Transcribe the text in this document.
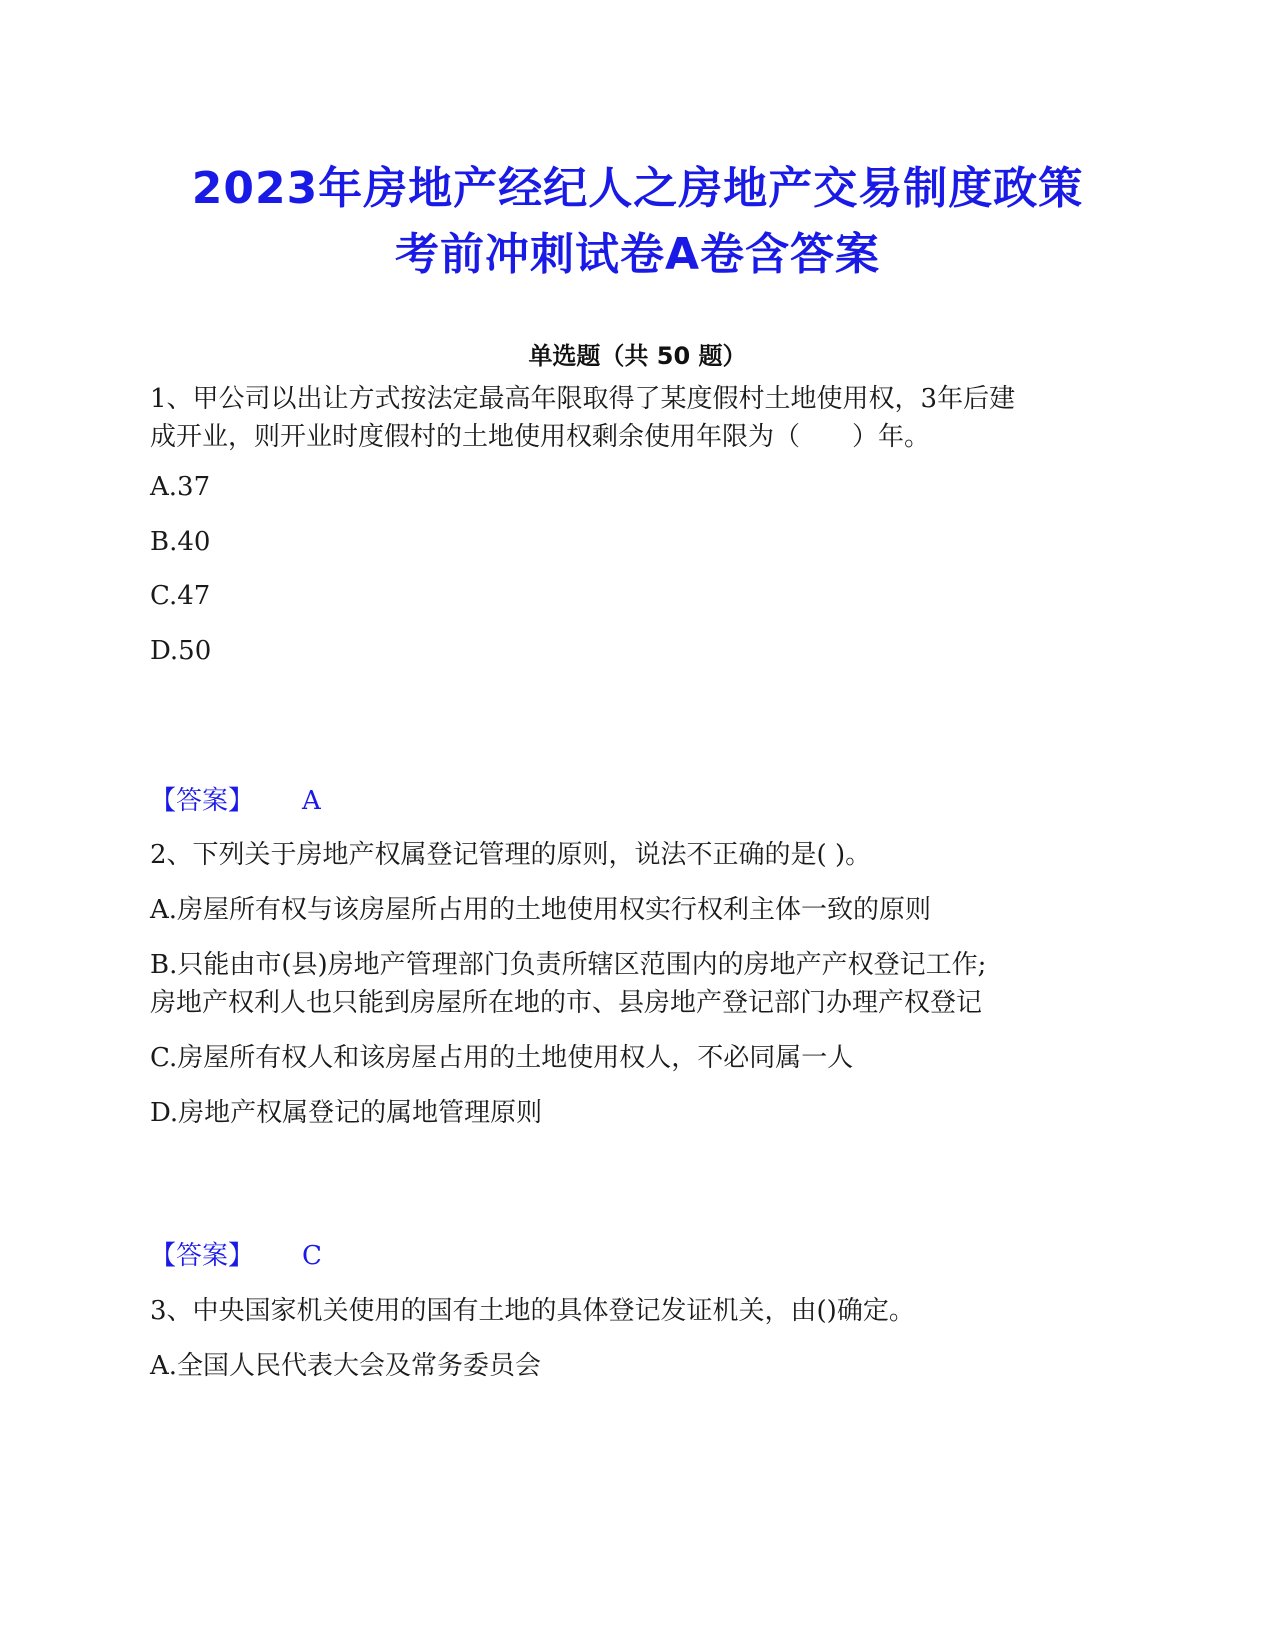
2023年房地产经纪人之房地产交易制度政策
考前冲刺试卷A卷含答案
单选题（共 50 题）
1、甲公司以出让方式按法定最高年限取得了某度假村土地使用权，3年后建
成开业，则开业时度假村的土地使用权剩余使用年限为（　　）年。
A.37
B.40
C.47
D.50
【答案】 A
2、下列关于房地产权属登记管理的原则，说法不正确的是( )。
A.房屋所有权与该房屋所占用的土地使用权实行权利主体一致的原则
B.只能由市(县)房地产管理部门负责所辖区范围内的房地产产权登记工作;
房地产权利人也只能到房屋所在地的市、县房地产登记部门办理产权登记
C.房屋所有权人和该房屋占用的土地使用权人，不必同属一人
D.房地产权属登记的属地管理原则
【答案】 C
3、中央国家机关使用的国有土地的具体登记发证机关，由()确定。
A.全国人民代表大会及常务委员会
